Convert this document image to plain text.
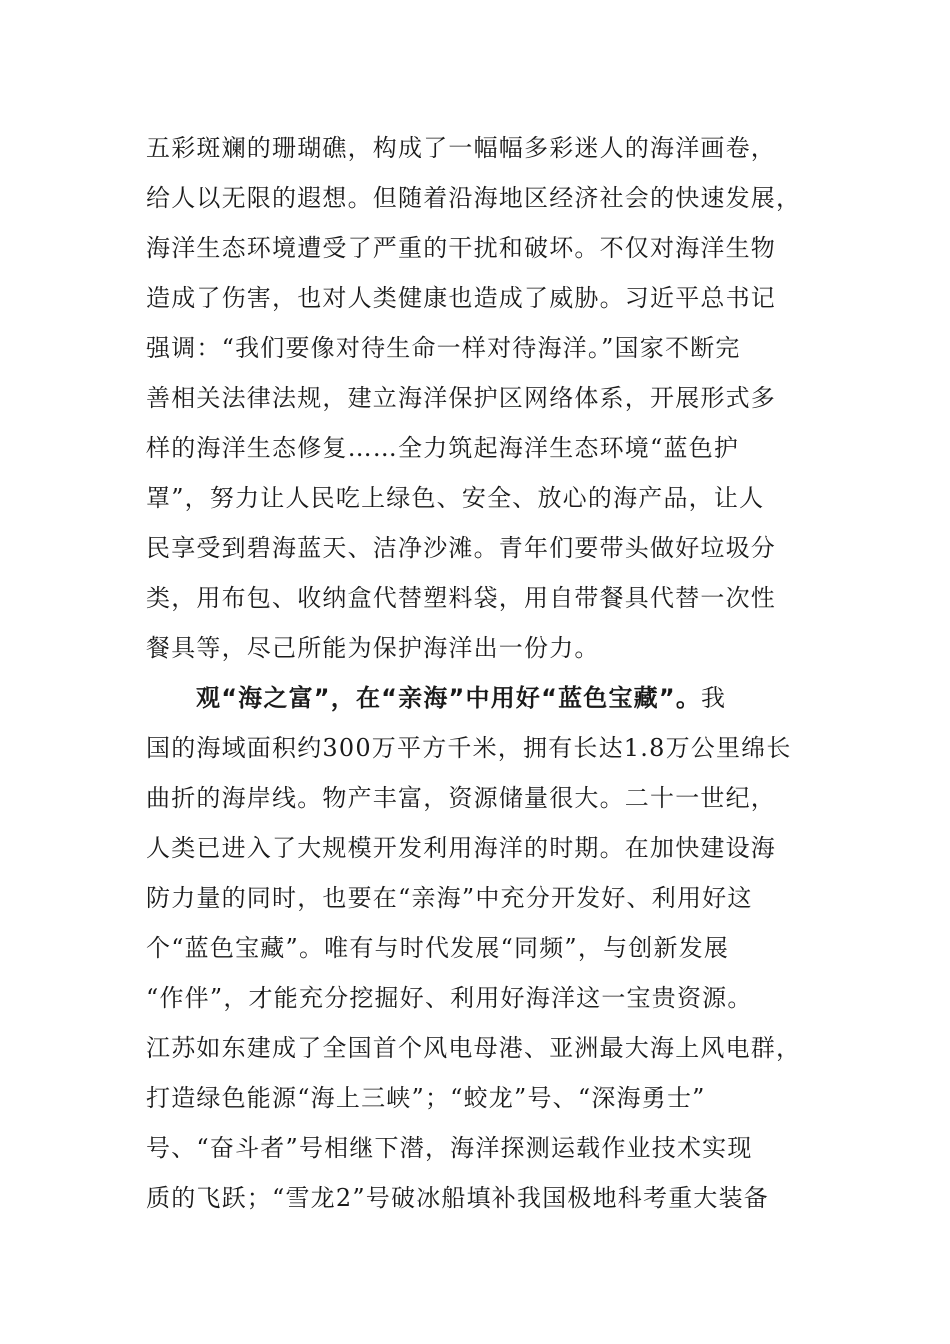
五彩斑斓的珊瑚礁，构成了一幅幅多彩迷人的海洋画卷，
给人以无限的遐想。但随着沿海地区经济社会的快速发展，
海洋生态环境遭受了严重的干扰和破坏。不仅对海洋生物
造成了伤害，也对人类健康也造成了威胁。习近平总书记
强调：“我们要像对待生命一样对待海洋。”国家不断完
善相关法律法规，建立海洋保护区网络体系，开展形式多
样的海洋生态修复……全力筑起海洋生态环境“蓝色护
罩”，努力让人民吃上绿色、安全、放心的海产品，让人
民享受到碧海蓝天、洁净沙滩。青年们要带头做好垃圾分
类，用布包、收纳盒代替塑料袋，用自带餐具代替一次性
餐具等，尽己所能为保护海洋出一份力。
观“海之富”，在“亲海”中用好“蓝色宝藏”。我
国的海域面积约300万平方千米，拥有长达1.8万公里绵长
曲折的海岸线。物产丰富，资源储量很大。二十一世纪，
人类已进入了大规模开发利用海洋的时期。在加快建设海
防力量的同时，也要在“亲海”中充分开发好、利用好这
个“蓝色宝藏”。唯有与时代发展“同频”，与创新发展
“作伴”，才能充分挖掘好、利用好海洋这一宝贵资源。
江苏如东建成了全国首个风电母港、亚洲最大海上风电群，
打造绿色能源“海上三峡”；“蛟龙”号、“深海勇士”
号、“奋斗者”号相继下潜，海洋探测运载作业技术实现
质的飞跃；“雪龙2”号破冰船填补我国极地科考重大装备
